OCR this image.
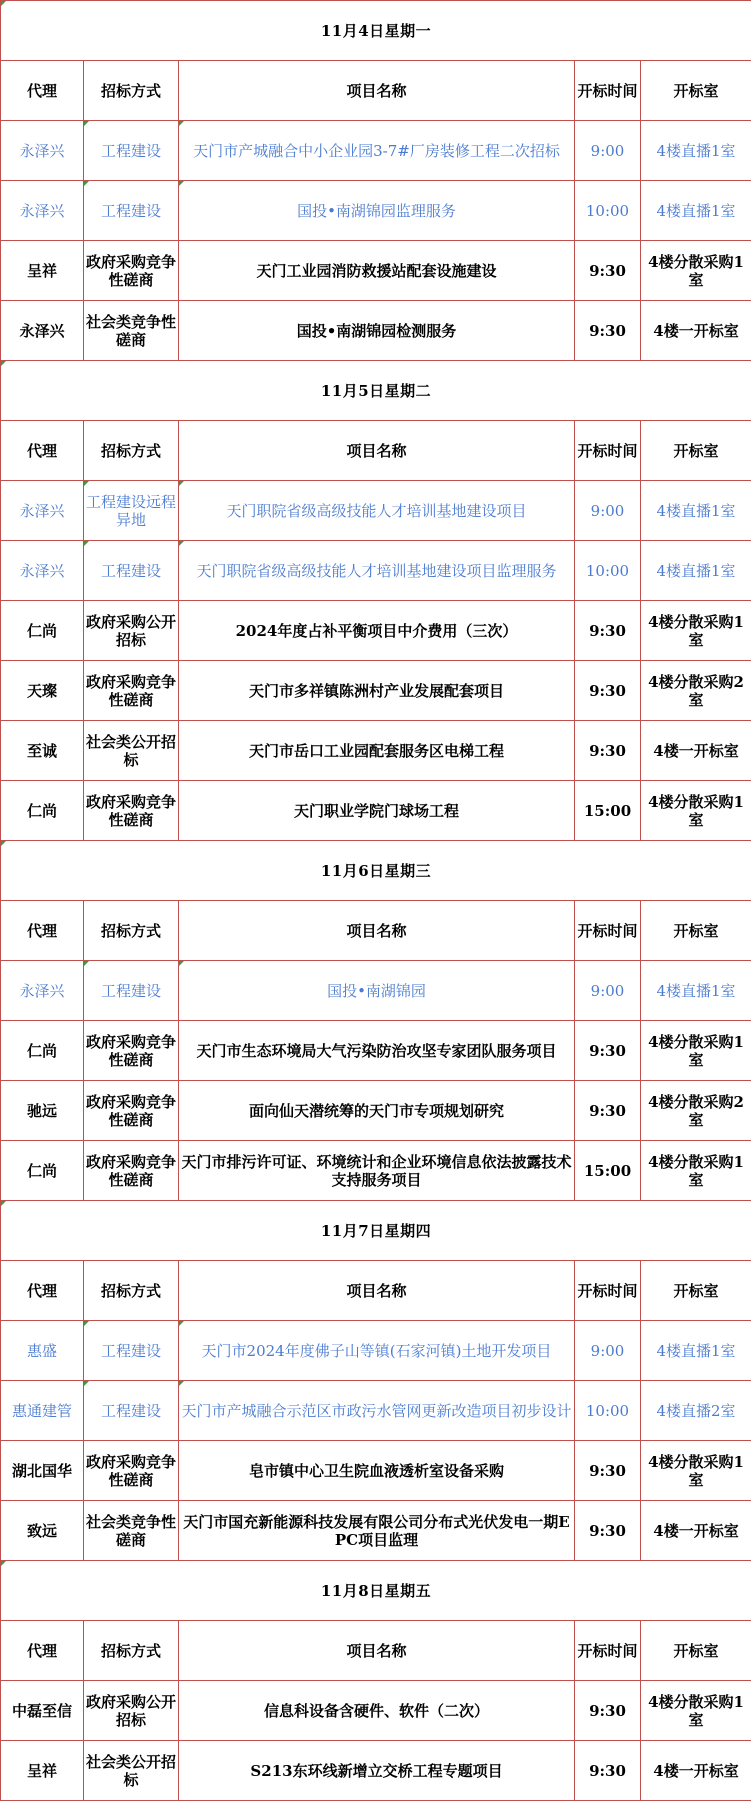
11月4日星期一				
代理	招标方式	项目名称	开标时间	开标室
永泽兴	工程建设	天门市产城融合中小企业园3-7#厂房装修工程二次招标	9:00	4楼直播1室
永泽兴	工程建设	国投•南湖锦园监理服务	10:00	4楼直播1室
呈祥	政府采购竞争性磋商	天门工业园消防救援站配套设施建设	9:30	4楼分散采购1室
永泽兴	社会类竞争性磋商	国投•南湖锦园检测服务	9:30	4楼一开标室
11月5日星期二				
代理	招标方式	项目名称	开标时间	开标室
永泽兴	工程建设远程异地	天门职院省级高级技能人才培训基地建设项目	9:00	4楼直播1室
永泽兴	工程建设	天门职院省级高级技能人才培训基地建设项目监理服务	10:00	4楼直播1室
仁尚	政府采购公开招标	2024年度占补平衡项目中介费用（三次）	9:30	4楼分散采购1室
天璨	政府采购竞争性磋商	天门市多祥镇陈洲村产业发展配套项目	9:30	4楼分散采购2室
至诚	社会类公开招标	天门市岳口工业园配套服务区电梯工程	9:30	4楼一开标室
仁尚	政府采购竞争性磋商	天门职业学院门球场工程	15:00	4楼分散采购1室
11月6日星期三				
代理	招标方式	项目名称	开标时间	开标室
永泽兴	工程建设	国投•南湖锦园	9:00	4楼直播1室
仁尚	政府采购竞争性磋商	天门市生态环境局大气污染防治攻坚专家团队服务项目	9:30	4楼分散采购1室
驰远	政府采购竞争性磋商	面向仙天潜统筹的天门市专项规划研究	9:30	4楼分散采购2室
仁尚	政府采购竞争性磋商	天门市排污许可证、环境统计和企业环境信息依法披露技术支持服务项目	15:00	4楼分散采购1室
11月7日星期四				
代理	招标方式	项目名称	开标时间	开标室
惠盛	工程建设	天门市2024年度佛子山等镇(石家河镇)土地开发项目	9:00	4楼直播1室
惠通建管	工程建设	天门市产城融合示范区市政污水管网更新改造项目初步设计	10:00	4楼直播2室
湖北国华	政府采购竞争性磋商	皂市镇中心卫生院血液透析室设备采购	9:30	4楼分散采购1室
致远	社会类竞争性磋商	天门市国充新能源科技发展有限公司分布式光伏发电一期EPC项目监理	9:30	4楼一开标室
11月8日星期五				
代理	招标方式	项目名称	开标时间	开标室
中磊至信	政府采购公开招标	信息科设备含硬件、软件（二次）	9:30	4楼分散采购1室
呈祥	社会类公开招标	S213东环线新增立交桥工程专题项目	9:30	4楼一开标室
